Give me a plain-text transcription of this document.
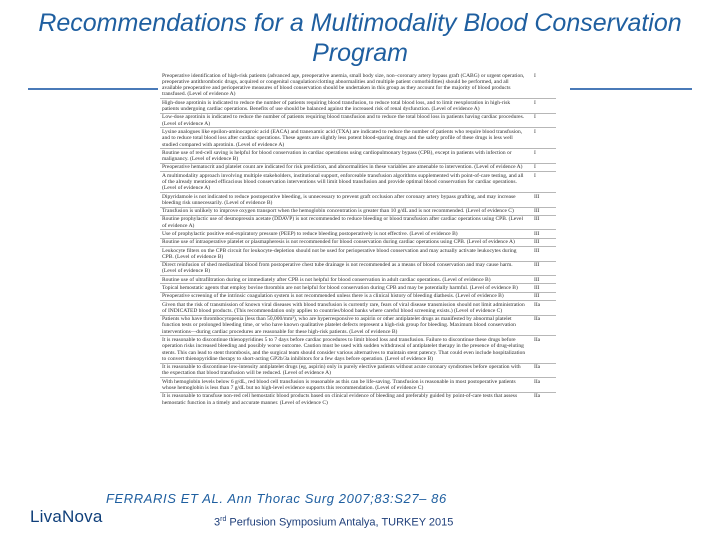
Recommendations for a Multimodality Blood Conservation Program
Preoperative identification of high-risk patients (advanced age, preoperative anemia, small body size, non–coronary artery bypass graft (CABG) or urgent operation, preoperative antithrombotic drugs, acquired or congenital coagulation/clotting abnormalities and multiple patient comorbidities) should be performed, and all available preoperative and perioperative measures of blood conservation should be undertaken in this group as they account for the majority of blood products transfused. (Level of evidence A)
I
High-dose aprotinin is indicated to reduce the number of patients requiring blood transfusion, to reduce total blood loss, and to limit reexploration in high-risk patients undergoing cardiac operations. Benefits of use should be balanced against the increased risk of renal dysfunction. (Level of evidence A)
I
Low-dose aprotinin is indicated to reduce the number of patients requiring blood transfusion and to reduce the total blood loss in patients having cardiac procedures. (Level of evidence A)
I
Lysine analogues like epsilon-aminocaproic acid (EACA) and tranexamic acid (TXA) are indicated to reduce the number of patients who require blood transfusion, and to reduce total blood loss after cardiac operations. These agents are slightly less potent blood-sparing drugs and the safety profile of these drugs is less well studied compared with aprotinin. (Level of evidence A)
I
Routine use of red-cell saving is helpful for blood conservation in cardiac operations using cardiopulmonary bypass (CPB), except in patients with infection or malignancy. (Level of evidence B)
I
Preoperative hematocrit and platelet count are indicated for risk prediction, and abnormalities in these variables are amenable to intervention. (Level of evidence A)	I
A multimodality approach involving multiple stakeholders, institutional support, enforceable transfusion algorithms supplemented with point-of-care testing, and all of the already mentioned efficacious blood conservation interventions will limit blood transfusion and provide optimal blood conservation for cardiac operations. (Level of evidence A)
I
Dipyridamole is not indicated to reduce postoperative bleeding, is unnecessary to prevent graft occlusion after coronary artery bypass grafting, and may increase bleeding risk unnecessarily. (Level of evidence B)
III
Transfusion is unlikely to improve oxygen transport when the hemoglobin concentration is greater than 10 g/dL and is not recommended. (Level of evidence C)	III
Routine prophylactic use of desmopressin acetate (DDAVP) is not recommended to reduce bleeding or blood transfusion after cardiac operations using CPB. (Level of evidence A)
III
Use of prophylactic positive end-expiratory pressure (PEEP) to reduce bleeding postoperatively is not effective. (Level of evidence B)	III
Routine use of intraoperative platelet or plasmapheresis is not recommended for blood conservation during cardiac operations using CPB. (Level of evidence A)	III
Leukocyte filters on the CPB circuit for leukocyte-depletion should not be used for perioperative blood conservation and may actually activate leukocytes during CPB. (Level of evidence B)
III
Direct reinfusion of shed mediastinal blood from postoperative chest tube drainage is not recommended as a means of blood conservation and may cause harm. (Level of evidence B)
III
Routine use of ultrafiltration during or immediately after CPB is not helpful for blood conservation in adult cardiac operations. (Level of evidence B)	III
Topical hemostatic agents that employ bovine thrombin are not helpful for blood conservation during CPB and may be potentially harmful. (Level of evidence B)	III
Preoperative screening of the intrinsic coagulation system is not recommended unless there is a clinical history of bleeding diathesis. (Level of evidence B)	III
Given that the risk of transmission of known viral diseases with blood transfusion is currently rare, fears of viral disease transmission should not limit administration of INDICATED blood products. (This recommendation only applies to countries/blood banks where careful blood screening exists.) (Level of evidence C)
IIa
Patients who have thrombocytopenia (less than 50,000/mm³), who are hyperresponsive to aspirin or other antiplatelet drugs as manifested by abnormal platelet function tests or prolonged bleeding time, or who have known qualitative platelet defects represent a high-risk group for bleeding. Maximum blood conservation interventions—during cardiac procedures are reasonable for these high-risk patients. (Level of evidence B)
IIa
It is reasonable to discontinue thienopyridines 5 to 7 days before cardiac procedures to limit blood loss and transfusion. Failure to discontinue these drugs before operation risks increased bleeding and possibly worse outcome. Caution must be used with sudden withdrawal of antiplatelet therapy in the presence of drug-eluting stents. This can lead to stent thrombosis, and the surgical team should consider various alternatives to maintain stent patency. That could even include hospitalization to convert thienopyridine therapy to short-acting GP2b/3a inhibitors for a few days before operation. (Level of evidence B)
IIa
It is reasonable to discontinue low-intensity antiplatelet drugs (eg, aspirin) only in purely elective patients without acute coronary syndromes before operation with the expectation that blood transfusion will be reduced. (Level of evidence A)
IIa
With hemoglobin levels below 6 g/dL, red blood cell transfusion is reasonable as this can be life-saving. Transfusion is reasonable in most postoperative patients whose hemoglobin is less than 7 g/dL but no high-level evidence supports this recommendation. (Level of evidence C)
IIa
It is reasonable to transfuse non-red cell hemostatic blood products based on clinical evidence of bleeding and preferably guided by point-of-care tests that assess hemostatic function in a timely and accurate manner. (Level of evidence C)
IIa
FERRARIS ET AL. Ann Thorac Surg 2007;83:S27– 86
LivaNova	3rd Perfusion Symposium Antalya, TURKEY 2015
